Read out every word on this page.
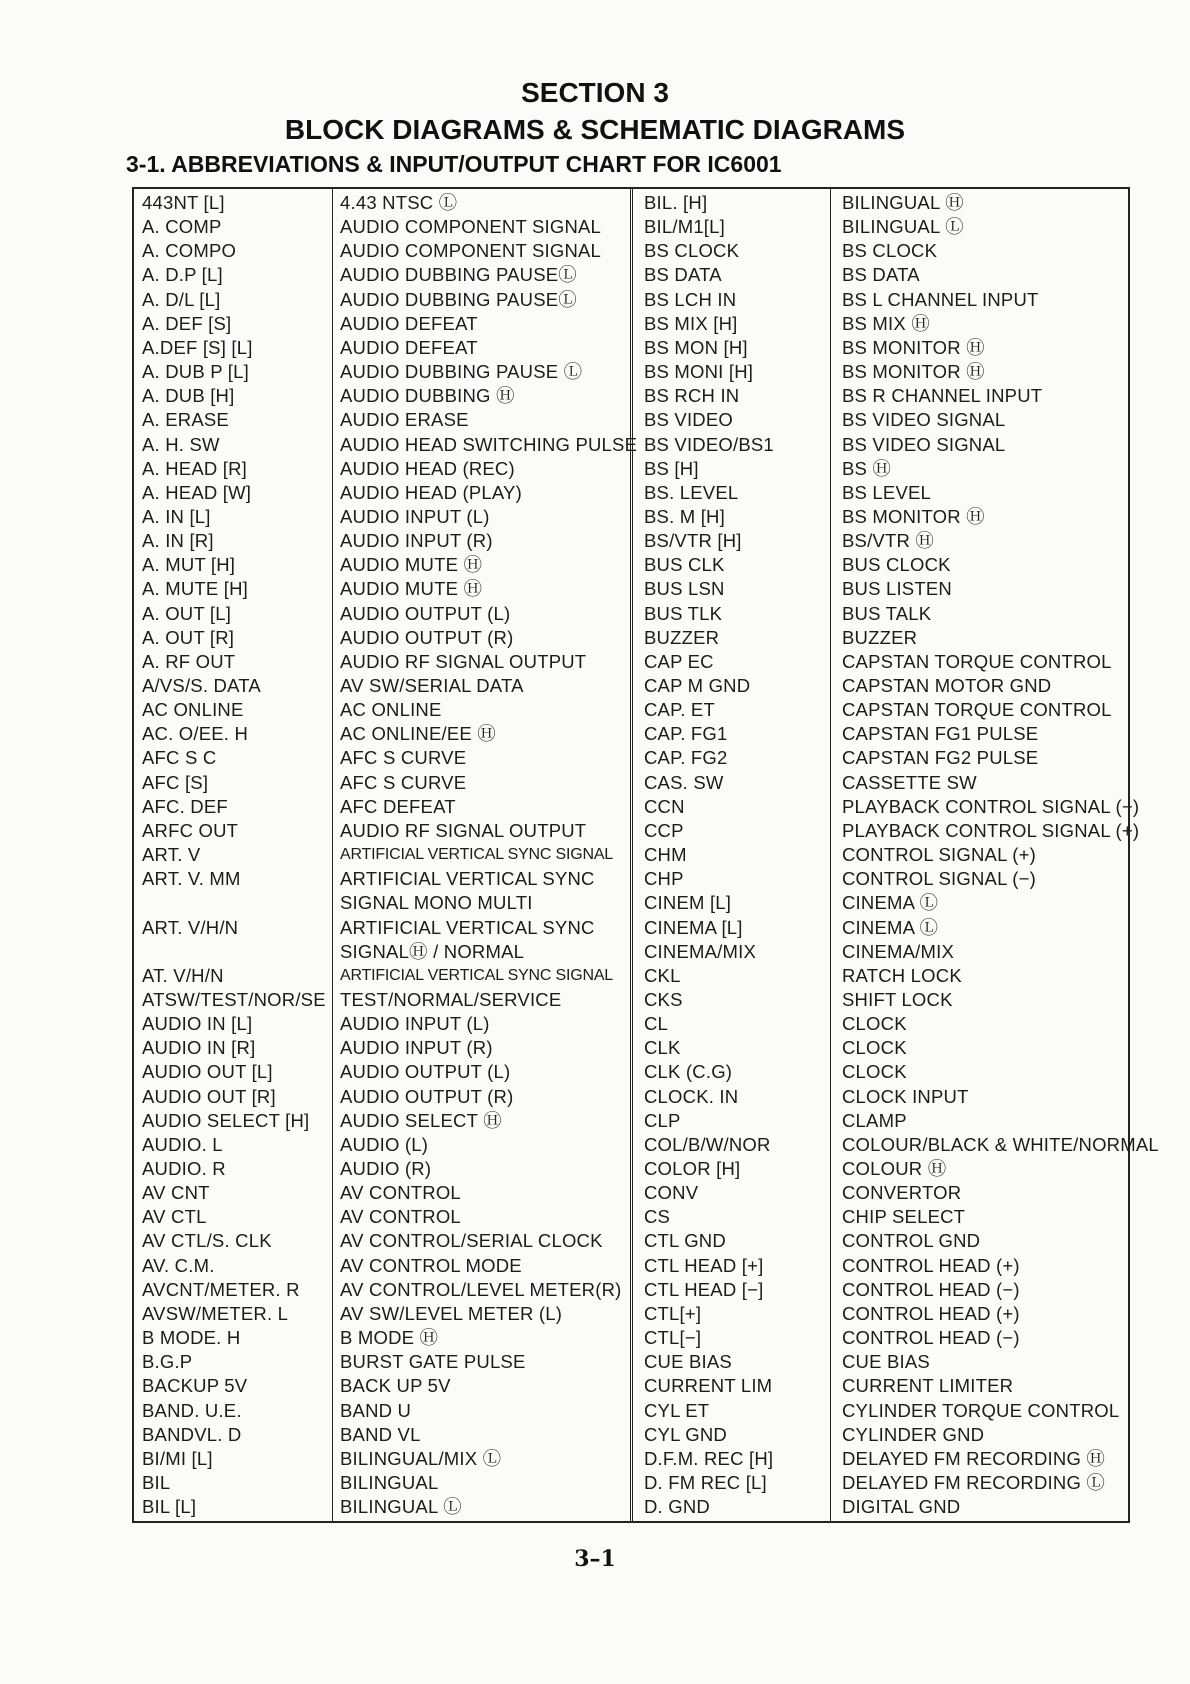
SECTION 3
BLOCK DIAGRAMS & SCHEMATIC DIAGRAMS
3-1. ABBREVIATIONS & INPUT/OUTPUT CHART FOR IC6001
443NT [L]	4.43 NTSC Ⓛ
A. COMP	AUDIO COMPONENT SIGNAL
A. COMPO	AUDIO COMPONENT SIGNAL
A. D.P [L]	AUDIO DUBBING PAUSEⓁ
A. D/L [L]	AUDIO DUBBING PAUSEⓁ
A. DEF [S]	AUDIO DEFEAT
A.DEF [S] [L]	AUDIO DEFEAT
A. DUB P [L]	AUDIO DUBBING PAUSE Ⓛ
A. DUB [H]	AUDIO DUBBING Ⓗ
A. ERASE	AUDIO ERASE
A. H. SW	AUDIO HEAD SWITCHING PULSE
A. HEAD [R]	AUDIO HEAD (REC)
A. HEAD [W]	AUDIO HEAD (PLAY)
A. IN [L]	AUDIO INPUT (L)
A. IN [R]	AUDIO INPUT (R)
A. MUT [H]	AUDIO MUTE Ⓗ
A. MUTE [H]	AUDIO MUTE Ⓗ
A. OUT [L]	AUDIO OUTPUT (L)
A. OUT [R]	AUDIO OUTPUT (R)
A. RF OUT	AUDIO RF SIGNAL OUTPUT
A/VS/S. DATA	AV SW/SERIAL DATA
AC ONLINE	AC ONLINE
AC. O/EE. H	AC ONLINE/EE Ⓗ
AFC S C	AFC S CURVE
AFC [S]	AFC S CURVE
AFC. DEF	AFC DEFEAT
ARFC OUT	AUDIO RF SIGNAL OUTPUT
ART. V	ARTIFICIAL VERTICAL SYNC SIGNAL
ART. V. MM	ARTIFICIAL VERTICAL SYNC
SIGNAL MONO MULTI
ART. V/H/N	ARTIFICIAL VERTICAL SYNC
SIGNALⒽ / NORMAL
AT. V/H/N	ARTIFICIAL VERTICAL SYNC SIGNAL
ATSW/TEST/NOR/SE TEST/NORMAL/SERVICE
AUDIO IN [L]	AUDIO INPUT (L)
AUDIO IN [R]	AUDIO INPUT (R)
AUDIO OUT [L]	AUDIO OUTPUT (L)
AUDIO OUT [R]	AUDIO OUTPUT (R)
AUDIO SELECT [H] AUDIO SELECT Ⓗ
AUDIO. L	AUDIO (L)
AUDIO. R	AUDIO (R)
AV CNT	AV CONTROL
AV CTL	AV CONTROL
AV CTL/S. CLK	AV CONTROL/SERIAL CLOCK
AV. C.M.	AV CONTROL MODE
AVCNT/METER. R AV CONTROL/LEVEL METER(R)
AVSW/METER. L	AV SW/LEVEL METER (L)
B MODE. H	B MODE Ⓗ
B.G.P	BURST GATE PULSE
BACKUP 5V	BACK UP 5V
BAND. U.E.	BAND U
BANDVL. D	BAND VL
BI/MI [L]	BILINGUAL/MIX Ⓛ
BIL	BILINGUAL
BIL [L]	BILINGUAL Ⓛ
BIL. [H]	BILINGUAL Ⓗ
BIL/M1[L]	BILINGUAL Ⓛ
BS CLOCK	BS CLOCK
BS DATA	BS DATA
BS LCH IN	BS L CHANNEL INPUT
BS MIX [H]	BS MIX Ⓗ
BS MON [H]	BS MONITOR Ⓗ
BS MONI [H]	BS MONITOR Ⓗ
BS RCH IN	BS R CHANNEL INPUT
BS VIDEO	BS VIDEO SIGNAL
BS VIDEO/BS1	BS VIDEO SIGNAL
BS [H]	BS Ⓗ
BS. LEVEL	BS LEVEL
BS. M [H]	BS MONITOR Ⓗ
BS/VTR [H]	BS/VTR Ⓗ
BUS CLK	BUS CLOCK
BUS LSN	BUS LISTEN
BUS TLK	BUS TALK
BUZZER	BUZZER
CAP EC	CAPSTAN TORQUE CONTROL
CAP M GND	CAPSTAN MOTOR GND
CAP. ET	CAPSTAN TORQUE CONTROL
CAP. FG1	CAPSTAN FG1 PULSE
CAP. FG2	CAPSTAN FG2 PULSE
CAS. SW	CASSETTE SW
CCN	PLAYBACK CONTROL SIGNAL (−)
CCP	PLAYBACK CONTROL SIGNAL (+)
CHM	CONTROL SIGNAL (+)
CHP	CONTROL SIGNAL (−)
CINEM [L]	CINEMA Ⓛ
CINEMA [L]	CINEMA Ⓛ
CINEMA/MIX	CINEMA/MIX
CKL	RATCH LOCK
CKS	SHIFT LOCK
CL	CLOCK
CLK	CLOCK
CLK (C.G)	CLOCK
CLOCK. IN	CLOCK INPUT
CLP	CLAMP
COL/B/W/NOR	COLOUR/BLACK & WHITE/NORMAL
COLOR [H]	COLOUR Ⓗ
CONV	CONVERTOR
CS	CHIP SELECT
CTL GND	CONTROL GND
CTL HEAD [+]	CONTROL HEAD (+)
CTL HEAD [−]	CONTROL HEAD (−)
CTL[+]	CONTROL HEAD (+)
CTL[−]	CONTROL HEAD (−)
CUE BIAS	CUE BIAS
CURRENT LIM	CURRENT LIMITER
CYL ET	CYLINDER TORQUE CONTROL
CYL GND	CYLINDER GND
D.F.M. REC [H]	DELAYED FM RECORDING Ⓗ
D. FM REC [L]	DELAYED FM RECORDING Ⓛ
D. GND	DIGITAL GND
3–1
